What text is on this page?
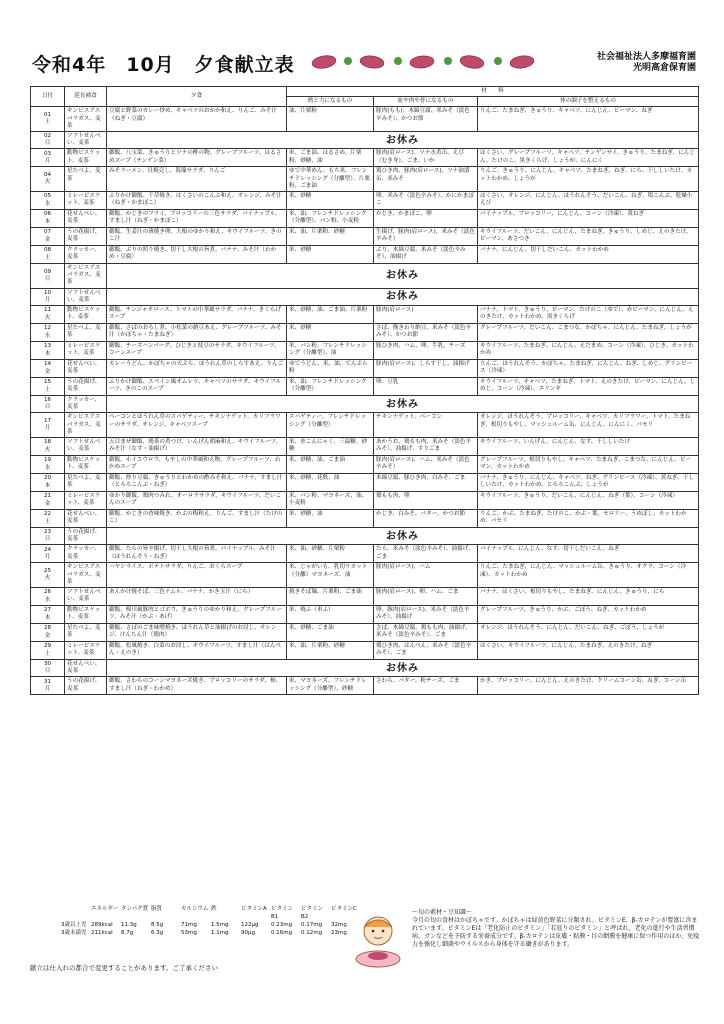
令和4年　10月　夕食献立表	社会福祉法人多摩福育園
光明高倉保育園
日付	延長補食	夕食	材　　料		
			熱と力になるもの	血や肉や骨になるもの	体の調子を整えるもの

01
土	ギンビスアスパラガス、麦茶	豆腐と野菜のカレー炒め、キャベツのおかか和え、りんご、みそ汁（ねぎ・豆腐）	油、片栗粉	豚肉(もも)、木綿豆腐、米みそ（淡色辛みそ）、かつお節	りんご、たまねぎ、きゅうり、キャベツ、にんじん、ピーマン、ねぎ

02
日	ソフトせんべい、麦茶	お休み			

03
月	動物ビスケット、麦茶	御飯、八宝菜、きゅうりとツナの酢の物、グレープフルーツ、はるさめスープ（チンゲン菜）	米、ごま油、はるさめ、片栗粉、砂糖、油	豚肉(肩ロース)、ツナ水煮缶、えび（むき身）、ごま、いか	はくさい、グレープフルーツ、キャベツ、チンゲンサイ、きゅうり、たまねぎ、にんじん、たけのこ、黒きくらげ、しょうが、にんにく

04
火	星たべよ、麦茶	みそラーメン、貝焼売し、海藻サラダ、りんご	ゆで中華めん、もち米、フレンチドレッシング（分離型）、片栗粉、ごま油	鶏ひき肉、豚肉(肩ロース)、ツナ油漬缶、米みそ	りんご、きゅうり、にんじん、キャベツ、たまねぎ、ねぎ、にら、干ししいたけ、カットわかめ、しょうが

05
水	ミレービスケット、麦茶	ふりかけ御飯、千草焼き、はくさいのこんぶ和え、オレンジ、みそ汁（ねぎ・かまぼこ）	米、砂糖	卵、米みそ（淡色辛みそ）、かにかまぼこ	はくさい、オレンジ、にんじん、ほうれんそう、だいこん、ねぎ、塩こんぶ、乾燥小えび

06
木	花せんべい、麦茶	御飯、かじきのフライ、ブロッコリーの三色サラダ、パイナップル、すまし汁（ねぎ・かまぼこ）	米、油、フレンチドレッシング（分離型）、パン粉、小麦粉	かじき、かまぼこ、卵	パイナップル、ブロッコリー、にんじん、コーン（冷凍）、黄ねぎ

07
金	うの花揚げ、麦茶	御飯、生姜汁の薄焼き卵、大根のゆかり和え、キウイフルーツ、きのこ汁	米、油、片栗粉、砂糖	生揚げ、豚肉(肩ロース)、米みそ（淡色辛みそ）	キウイフルーツ、だいこん、にんじん、たまねぎ、きゅうり、しめじ、えのきたけ、ピーマン、あさつき

08
土	クラッカー、麦茶	御飯、ぶりの照り焼き、切干し大根の旨煮、バナナ、みそ汁（わかめ・豆腐）	米、砂糖	ぶり、木綿豆腐、米みそ（淡色辛みそ）、油揚げ	バナナ、にんじん、切干しだいこん、カットわかめ

09
日	ギンビスアスパラガス、麦茶	お休み			

10
月	ソフトせんべい、麦茶	お休み			

11
火	動物ビスケット、麦茶	御飯、チンジャオロース、トマトの中華風サラダ、バナナ、きくらげスープ	米、砂糖、油、ごま油、片栗粉	豚肉(肩ロース)	バナナ、トマト、きゅうり、ピーマン、たけのこ（ゆで）、赤ピーマン、にんじん、えのきたけ、カットわかめ、黒きくらげ

12
水	星たべよ、麦茶	御飯、さばのおろし煮、小松菜の納豆あえ、グレープフルーツ、みそ汁（かぼちゃ・たまねぎ）	米、砂糖	さば、挽きわり納豆、米みそ（淡色辛みそ）、かつお節	グレープフルーツ、だいこん、こまつな、かぼちゃ、にんじん、たまねぎ、しょうが

13
木	ミレービスケット、麦茶	御飯、チーズハンバーグ、ひじきと枝豆のサラダ、キウイフルーツ、コーンスープ	米、パン粉、フレンチドレッシング（分離型）、油	豚ひき肉、ハム、卵、牛乳、チーズ	キウイフルーツ、たまねぎ、にんじん、えだまめ、コーン（冷凍）、ひじき、カットわかめ

14
金	花せんべい、麦茶	カレーうどん、かぼちゃの天ぷら、ほうれん草のしらすあえ、りんご	ゆでうどん、米、油、てんぷら粉	豚肉(肩ロース)、しらす干し、油揚げ	りんご、ほうれんそう、かぼちゃ、たまねぎ、にんじん、ねぎ、しめじ、グリンピース（冷凍）

15
土	うの花揚げ、麦茶	ふりかけ御飯、スペイン風オムレツ、キャベツのサラダ、キウイフルーツ、きのこのスープ	米、油、フレンチドレッシング（分離型）	卵、豆乳	キウイフルーツ、キャベツ、たまねぎ、トマト、えのきたけ、ピーマン、にんじん、しめじ、コーン（冷凍）、エリンギ

16
日	クラッカー、麦茶	お休み			

17
月	ギンビスアスパラガス、麦茶	ベーコンとほうれん草のスパゲティー、チキンナゲット、カリフラワーのサラダ、オレンジ、キャベツスープ	スパゲティー、フレンチドレッシング（分離型）	チキンナゲット、ベーコン	オレンジ、ほうれんそう、ブロッコリー、キャベツ、カリフラワー、トマト、たまねぎ、根切りもやし、マッシュルーム缶、にんじん、にんにく、パセリ

18
火	ソフトせんべい、麦茶	五目まぜ御飯、鶏茶の煮つけ、いんげん胡麻和え、キウイフルーツ、みそ汁（なす・油揚げ）	米、糸こんにゃく、三温糖、砂糖	あかうお、鶏もも肉、米みそ（淡色辛みそ）、油揚げ、すりごま	キウイフルーツ、いんげん、にんじん、なす、干ししいたけ

19
水	動物ビスケット、麦茶	御飯、ホイコウロウ、もやしの中華風和え物、グレープフルーツ、わかめスープ	米、砂糖、油、ごま油	豚肉(肩ロース)、ハム、米みそ（淡色辛みそ）	グレープフルーツ、根切りもやし、キャベツ、たまねぎ、こまつな、にんじん、ピーマン、カットわかめ

20
木	星たべよ、麦茶	御飯、炒り豆腐、きゅうりとわかめの酢みそ和え、バナナ、すまし汁（とろろこんぶ・ねぎ）	米、砂糖、花麩、油	木綿豆腐、豚ひき肉、白みそ、ごま	バナナ、きゅうり、にんじん、キャベツ、ねぎ、グリンピース（冷凍）、黄ねぎ、干ししいたけ、カットわかめ、とろろこんぶ、しょうが

21
金	ミレービスケット、麦茶	ゆかり御飯、鶏肉つみれ、オーロラサラダ、キウイフルーツ、だいこんのスープ	米、パン粉、マヨネーズ、油、小麦粉	鶏もも肉、卵	キウイフルーツ、きゅうり、だいこん、にんじん、ねぎ（葉）、コーン（冷凍）

22
土	花せんべい、麦茶	御飯、かじきの香味焼き、かぶの梅和え、りんご、すまし汁（たけのこ）	米、砂糖、油	かじき、白みそ、バター、かつお節	りんご、かぶ、たまねぎ、たけのこ、かぶ・葉、セロリー、うめぼし、カットわかめ、パセリ

23
日	うの花揚げ、麦茶	お休み			

24
月	クラッカー、麦茶	御飯、たらの旨辛揚げ、切干し大根の旨煮、パイナップル、みそ汁（ほうれんそう・ねぎ）	米、油、砂糖、片栗粉	たら、米みそ（淡色辛みそ）、油揚げ、ごま	パイナップル、にんじん、なす、切干しだいこん、ねぎ

25
火	ギンビスアスパラガス、麦茶	ハヤシライス、ポテトサラダ、りんご、おくらスープ	米、じゃがいも、乳切りカット（分離）マヨネーズ、油	豚肉(肩ロース)、ハム	りんご、たまねぎ、にんじん、マッシュルーム缶、きゅうり、オクラ、コーン（冷凍）、カットわかめ

26
水	ソフトせんべい、麦茶	あんかけ焼そば、三色ナムル、バナナ、かき玉汁（にら）	焼きそば麺、片栗粉、ごま油	豚肉(肩ロース)、卵、ハム、ごま	バナナ、はくさい、根切りもやし、たまねぎ、にんじん、きゅうり、にら

27
木	動物ビスケット、麦茶	御飯、桜川風豚肉とゴボウ、きゅうりのゆかり和え、グレープフルーツ、みそ汁（かぶ・あげ）	米、焼ふ（車ふ）	卵、豚肉(肩ロース)、米みそ（淡色辛みそ）、油揚げ	グレープフルーツ、きゅうり、かぶ、ごぼう、ねぎ、カットわかめ

28
金	星たべよ、麦茶	御飯、さばのごま味噌焼き、ほうれん草と油揚げのお浸し、オレンジ、けんちん汁（鶏肉）	米、砂糖、ごま油	さば、木綿豆腐、鶏もも肉、油揚げ、米みそ（淡色辛みそ）、ごま	オレンジ、ほうれんそう、にんじん、だいこん、ねぎ、ごぼう、しょうが

29
土	ミレービスケット、麦茶	御飯、松風焼き、白菜のお浸し、キウイフルーツ、すまし汁（はんぺん・えのき）	米、油、片栗粉、砂糖	鶏ひき肉、はんぺん、米みそ（淡色辛みそ）、ごま	はくさい、キウイフルーツ、にんじん、たまねぎ、えのきたけ、ねぎ

30
日	花せんべい、麦茶	お休み			

31
月	うの花揚げ、麦茶	御飯、さわらのコーンマヨネーズ焼き、ブロッコリーのサラダ、柿、すまし汁（ねぎ・わかめ）	米、マヨネーズ、フレンチドレッシング（分離型）、砂糖	さわら、バター、粉チーズ、ごま	かき、ブロッコリー、にんじん、えのきたけ、クリームコーン缶、ねぎ、コーン缶
	エネルギー	タンパク質	脂質	カルシウム	鉄	ビタミンA	ビタミンB1	ビタミンB2	ビタミンC
3歳以上児	289kcal	11.3g	8.5g	71mg	1.5mg	122μg	0.23mg	0.17mg	32mg
3歳未満児	211kcal	8.7g	6.3g	53mg	1.1mg	90μg	0.16mg	0.12mg	23mg
献立は仕入れの都合で変更することがあります。ご了承ください
〜旬の素材・豆知識〜
今月の旬の食材はかぼちゃです。かぼちゃは緑黄色野菜に分類され、ビタミンE、β-カロテンが豊富に含まれています。ビタミンEは「老化防止のビタミン」「若返りのビタミン」と呼ばれ、老化の進行や生活習慣病、ガンなどを予防する栄養成分です。β-カロテンは皮膚・粘膜・目の網膜を健康に保つ作用のほか、免疫力を強化し細菌やウイルスから身体を守る働きがあります。
